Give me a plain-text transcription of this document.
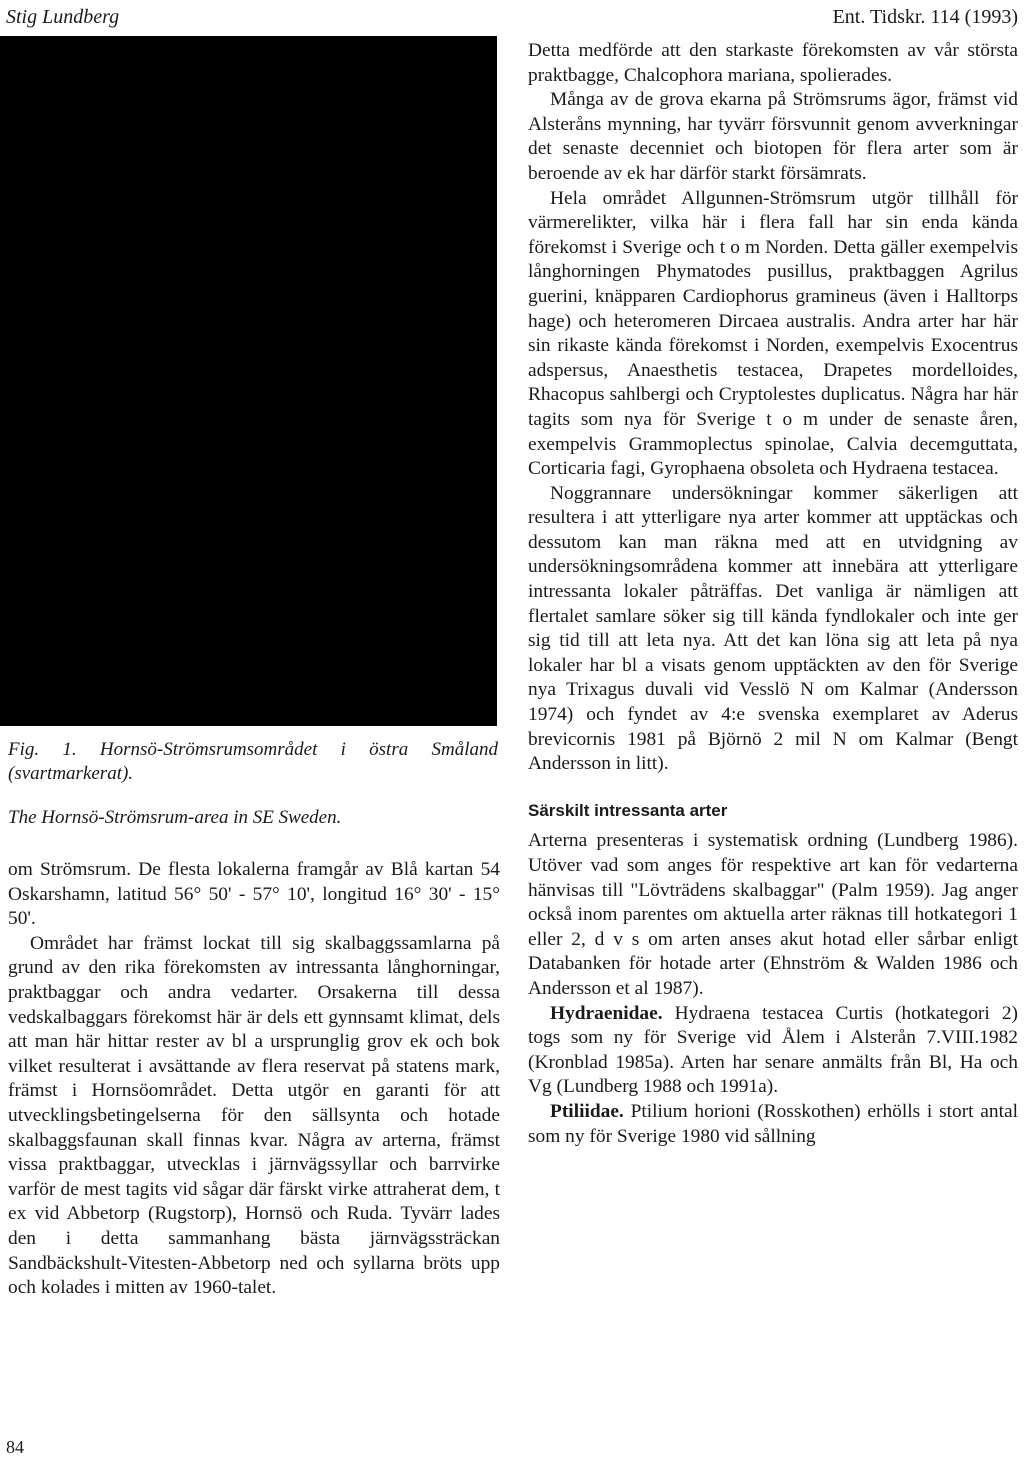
Stig Lundberg	Ent. Tidskr. 114 (1993)
Fig. 1. Hornsö-Strömsrumsområdet i östra Småland (svartmarkerat).
The Hornsö-Strömsrum-area in SE Sweden.

om Strömsrum. De flesta lokalerna framgår av Blå kartan 54 Oskarshamn, latitud 56° 50' - 57° 10', longitud 16° 30' - 15° 50'.

Området har främst lockat till sig skalbaggssamlarna på grund av den rika förekomsten av intressanta långhorningar, praktbaggar och andra vedarter. Orsakerna till dessa vedskalbaggars förekomst här är dels ett gynnsamt klimat, dels att man här hittar rester av bl a ursprunglig grov ek och bok vilket resulterat i avsättande av flera reservat på statens mark, främst i Hornsöområdet. Detta utgör en garanti för att utvecklingsbetingelserna för den sällsynta och hotade skalbaggsfaunan skall finnas kvar. Några av arterna, främst vissa praktbaggar, utvecklas i järnvägssyllar och barrvirke varför de mest tagits vid sågar där färskt virke attraherat dem, t ex vid Abbetorp (Rugstorp), Hornsö och Ruda. Tyvärr lades den i detta sammanhang bästa järnvägssträckan Sandbäckshult-Vitesten-Abbetorp ned och syllarna bröts upp och kolades i mitten av 1960-talet.

Detta medförde att den starkaste förekomsten av vår största praktbagge, Chalcophora mariana, spolierades.

Många av de grova ekarna på Strömsrums ägor, främst vid Alsteråns mynning, har tyvärr försvunnit genom avverkningar det senaste decenniet och biotopen för flera arter som är beroende av ek har därför starkt försämrats.

Hela området Allgunnen-Strömsrum utgör tillhåll för värmerelikter, vilka här i flera fall har sin enda kända förekomst i Sverige och t o m Norden. Detta gäller exempelvis långhorningen Phymatodes pusillus, praktbaggen Agrilus guerini, knäpparen Cardiophorus gramineus (även i Halltorps hage) och heteromeren Dircaea australis. Andra arter har här sin rikaste kända förekomst i Norden, exempelvis Exocentrus adspersus, Anaesthetis testacea, Drapetes mordelloides, Rhacopus sahlbergi och Cryptolestes duplicatus. Några har här tagits som nya för Sverige t o m under de senaste åren, exempelvis Grammoplectus spinolae, Calvia decemguttata, Corticaria fagi, Gyrophaena obsoleta och Hydraena testacea.

Noggrannare undersökningar kommer säkerligen att resultera i att ytterligare nya arter kommer att upptäckas och dessutom kan man räkna med att en utvidgning av undersökningsområdena kommer att innebära att ytterligare intressanta lokaler påträffas. Det vanliga är nämligen att flertalet samlare söker sig till kända fyndlokaler och inte ger sig tid till att leta nya. Att det kan löna sig att leta på nya lokaler har bl a visats genom upptäckten av den för Sverige nya Trixagus duvali vid Vesslö N om Kalmar (Andersson 1974) och fyndet av 4:e svenska exemplaret av Aderus brevicornis 1981 på Björnö 2 mil N om Kalmar (Bengt Andersson in litt).

Särskilt intressanta arter

Arterna presenteras i systematisk ordning (Lundberg 1986). Utöver vad som anges för respektive art kan för vedarterna hänvisas till "Lövträdens skalbaggar" (Palm 1959). Jag anger också inom parentes om aktuella arter räknas till hotkategori 1 eller 2, d v s om arten anses akut hotad eller sårbar enligt Databanken för hotade arter (Ehnström & Walden 1986 och Andersson et al 1987).

Hydraenidae. Hydraena testacea Curtis (hotkategori 2) togs som ny för Sverige vid Ålem i Alsterån 7.VIII.1982 (Kronblad 1985a). Arten har senare anmälts från Bl, Ha och Vg (Lundberg 1988 och 1991a).

Ptiliidae. Ptilium horioni (Rosskothen) erhölls i stort antal som ny för Sverige 1980 vid sållning

84
